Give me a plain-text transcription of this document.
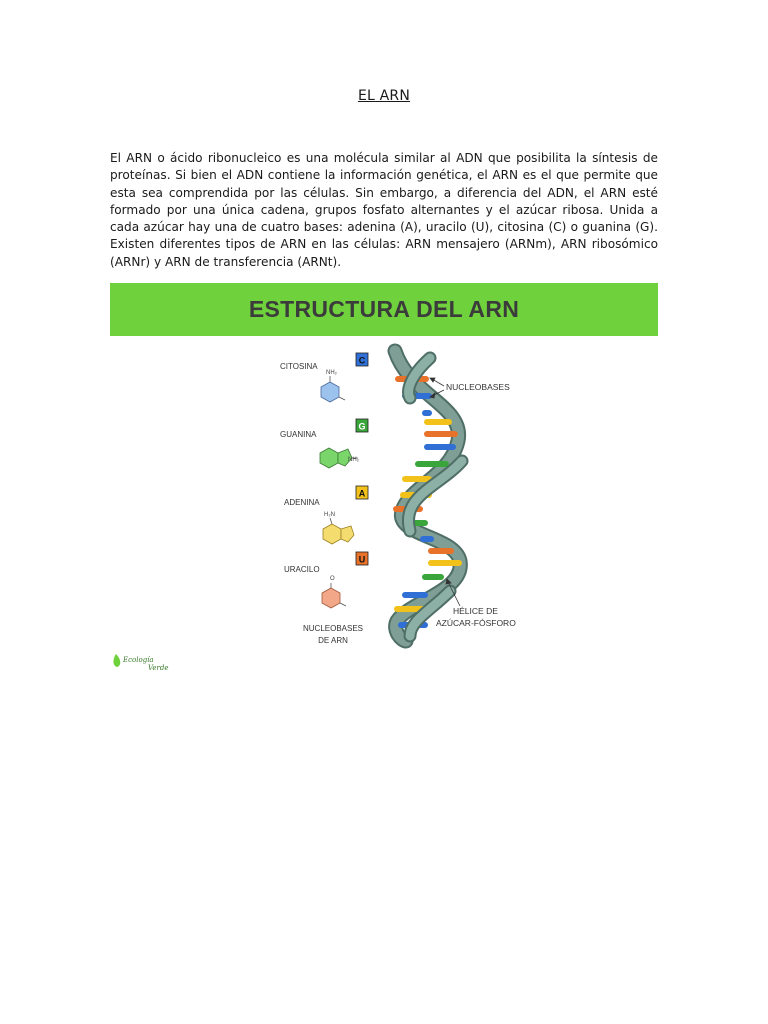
EL ARN
El ARN o ácido ribonucleico es una molécula similar al ADN que posibilita la síntesis de proteínas. Si bien el ADN contiene la información genética, el ARN es el que permite que esta sea comprendida por las células. Sin embargo, a diferencia del ADN, el ARN esté formado por una única cadena, grupos fosfato alternantes y el azúcar ribosa. Unida a cada azúcar hay una de cuatro bases: adenina (A), uracilo (U), citosina (C) o guanina (G). Existen diferentes tipos de ARN en las células: ARN mensajero (ARNm), ARN ribosómico (ARNr) y ARN de transferencia (ARNt).
ESTRUCTURA DEL ARN
CITOSINA
GUANINA
ADENINA
URACILO
C
G
A
U
NH₂
NH₂
H₂N
O
NUCLEOBASES
DE ARN
NUCLEOBASES
HÉLICE DE
AZÚCAR-FÓSFORO
Ecología
Verde
